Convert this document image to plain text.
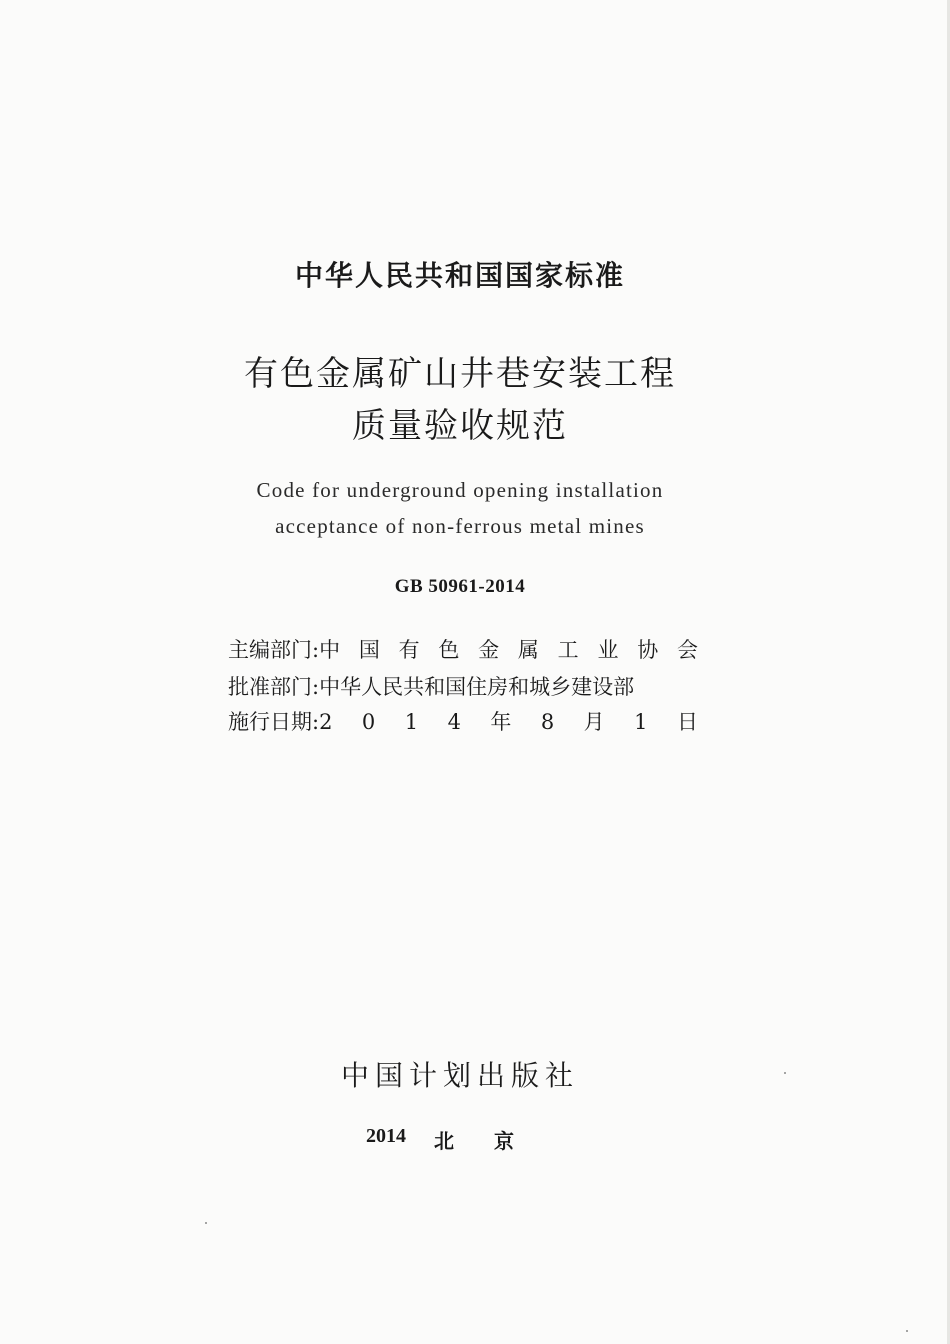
中华人民共和国国家标准
有色金属矿山井巷安装工程
质量验收规范
Code for underground opening installation
acceptance of non-ferrous metal mines
GB 50961-2014
主编部门: 中 国 有 色 金 属 工 业 协 会
批准部门: 中华人民共和国住房和城乡建设部
施行日期: 2 0 1 4 年 8 月 1 日
中国计划出版社
2014 北京
